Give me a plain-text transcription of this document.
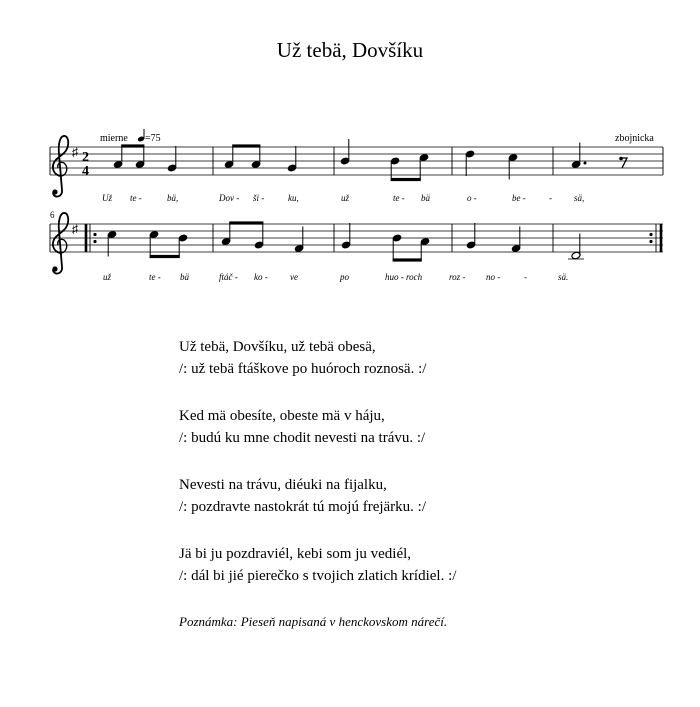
Už tebä, Dovšíku
♯
♯
2
4
mierne =75	zbojnicka
6
Už te -	bä,	Dov - ši -	ku,	už	te - bä	o -	be -	- sä,
už	te - bä	ftáč - ko - ve	po	huo - roch	roz - no -	-	sä.
Už tebä, Dovšíku, už tebä obesä,
/: už tebä ftáškove po huóroch roznosä. :/
Ked mä obesíte, obeste mä v háju,
/: budú ku mne chodit nevesti na trávu. :/
Nevesti na trávu, diéuki na fijalku,
/: pozdravte nastokrát tú mojú frejärku. :/
Jä bi ju pozdraviél, kebi som ju vediél,
/: dál bi jié pierečko s tvojich zlatich krídiel. :/
Poznámka: Pieseň napisaná v henckovskom nárečí.
